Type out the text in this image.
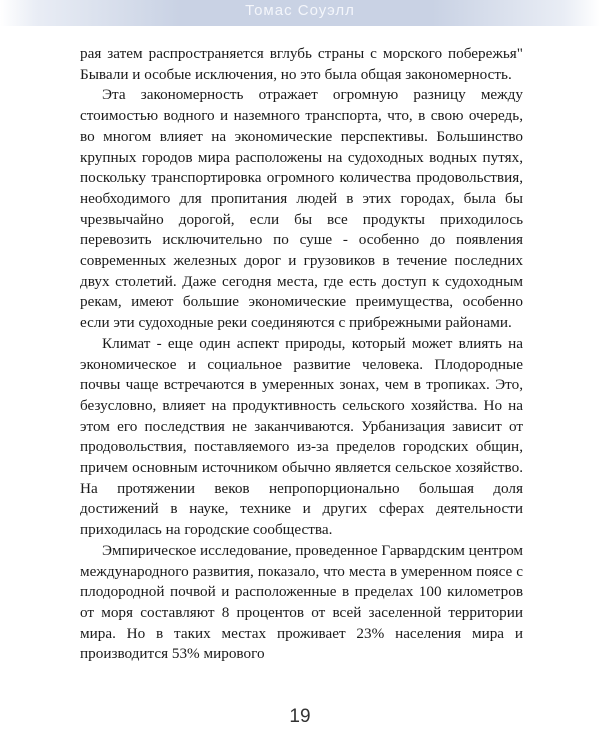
Томас Соуэлл

рая затем распространяется вглубь страны с морского побережья" Бывали и особые исключения, но это была общая закономерность.

Эта закономерность отражает огромную разницу между стоимостью водного и наземного транспорта, что, в свою очередь, во многом влияет на экономические перспективы. Большинство крупных городов мира расположены на судоходных водных путях, поскольку транспортировка огромного количества продовольствия, необходимого для пропитания людей в этих городах, была бы чрезвычайно дорогой, если бы все продукты приходилось перевозить исключительно по суше - особенно до появления современных железных дорог и грузовиков в течение последних двух столетий. Даже сегодня места, где есть доступ к судоходным рекам, имеют большие экономические преимущества, особенно если эти судоходные реки соединяются с прибрежными районами.

Климат - еще один аспект природы, который может влиять на экономическое и социальное развитие человека. Плодородные почвы чаще встречаются в умеренных зонах, чем в тропиках. Это, безусловно, влияет на продуктивность сельского хозяйства. Но на этом его последствия не заканчиваются. Урбанизация зависит от продовольствия, поставляемого из-за пределов городских общин, причем основным источником обычно является сельское хозяйство. На протяжении веков непропорционально большая доля достижений в науке, технике и других сферах деятельности приходилась на городские сообщества.

Эмпирическое исследование, проведенное Гарвардским центром международного развития, показало, что места в умеренном поясе с плодородной почвой и расположенные в пределах 100 километров от моря составляют 8 процентов от всей заселенной территории мира. Но в таких местах проживает 23% населения мира и производится 53% мирового

19
